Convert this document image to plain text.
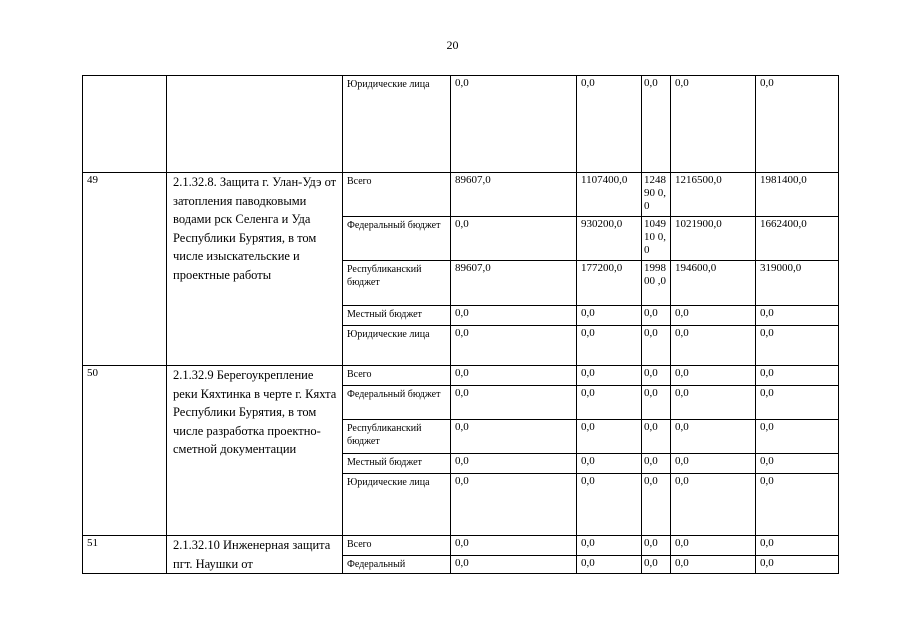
20
		Юридические лица	0,0	0,0	0,0	0,0	0,0
49	2.1.32.8. Защита г. Улан-Удэ от затопления паводковыми водами рск Селенга и Уда Республики Бурятия, в том числе изыскательские и проектные работы	Всего	89607,0	1107400,0	124890 0,0	1216500,0	1981400,0
		Федеральный бюджет	0,0	930200,0	104910 0,0	1021900,0	1662400,0
		Республиканский бюджет	89607,0	177200,0	199800 ,0	194600,0	319000,0
		Местный бюджет	0,0	0,0	0,0	0,0	0,0
		Юридические лица	0,0	0,0	0,0	0,0	0,0
50	2.1.32.9 Берегоукрепление реки Кяхтинка в черте г. Кяхта Республики Бурятия, в том числе разработка проектно-сметной документации	Всего	0,0	0,0	0,0	0,0	0,0
		Федеральный бюджет	0,0	0,0	0,0	0,0	0,0
		Республиканский бюджет	0,0	0,0	0,0	0,0	0,0
		Местный бюджет	0,0	0,0	0,0	0,0	0,0
		Юридические лица	0,0	0,0	0,0	0,0	0,0
51	2.1.32.10 Инженерная защита пгт. Наушки от	Всего	0,0	0,0	0,0	0,0	0,0
		Федеральный	0,0	0,0	0,0	0,0	0,0
